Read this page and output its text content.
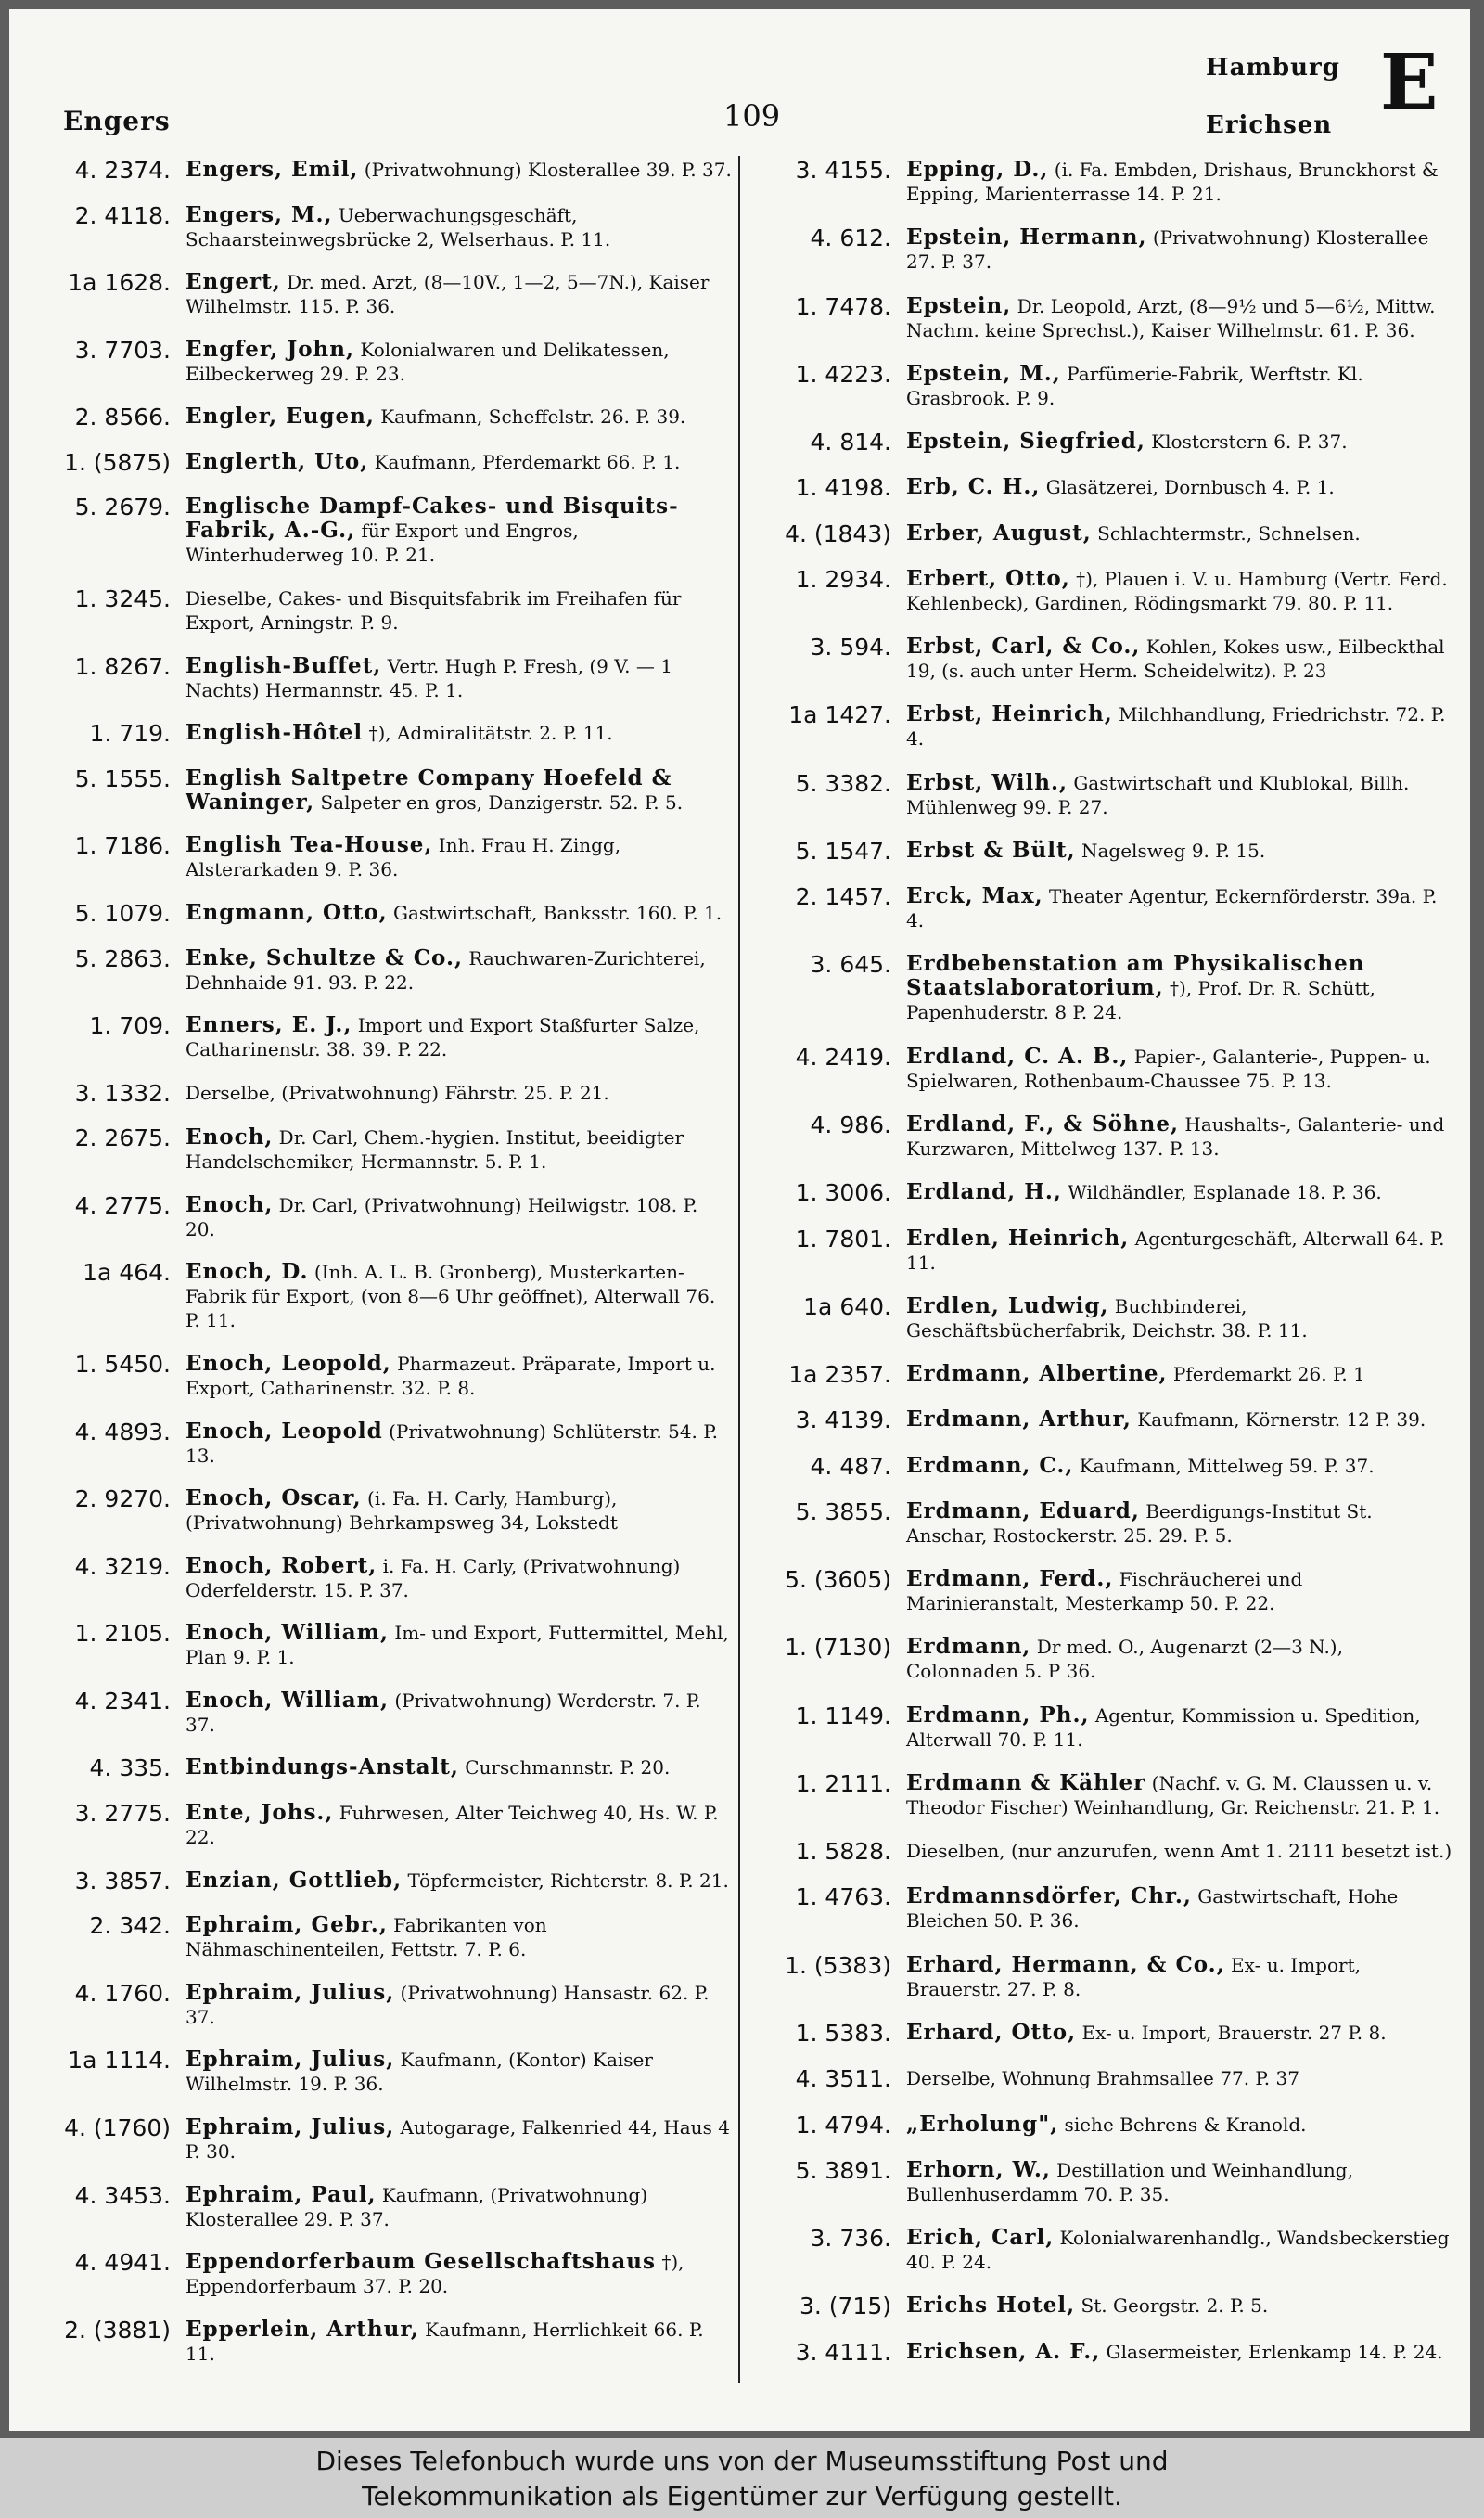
Engers	109
Hamburg
Erichsen E
4. 2374. Engers, Emil, (Privatwohnung) Klosterallee 39. P. 37.
2. 4118. Engers, M., Ueberwachungsgeschäft, Schaarsteinwegsbrücke 2, Welserhaus. P. 11.
1a 1628. Engert, Dr. med. Arzt, (8—10V., 1—2, 5—7N.), Kaiser Wilhelmstr. 115. P. 36.
3. 7703. Engfer, John, Kolonialwaren und Delikatessen, Eilbeckerweg 29. P. 23.
2. 8566. Engler, Eugen, Kaufmann, Scheffelstr. 26. P. 39.
1. (5875) Englerth, Uto, Kaufmann, Pferdemarkt 66. P. 1.
5. 2679. Englische Dampf-Cakes- und Bisquits-Fabrik, A.-G., für Export und Engros, Winterhuderweg 10. P. 21.
1. 3245. Dieselbe, Cakes- und Bisquitsfabrik im Freihafen für Export, Arningstr. P. 9.
1. 8267. English-Buffet, Vertr. Hugh P. Fresh, (9 V. — 1 Nachts) Hermannstr. 45. P. 1.
1. 719. English-Hôtel †), Admiralitätstr. 2. P. 11.
5. 1555. English Saltpetre Company Hoefeld & Waninger, Salpeter en gros, Danzigerstr. 52. P. 5.
1. 7186. English Tea-House, Inh. Frau H. Zingg, Alsterarkaden 9. P. 36.
5. 1079. Engmann, Otto, Gastwirtschaft, Banksstr. 160. P. 1.
5. 2863. Enke, Schultze & Co., Rauchwaren-Zurichterei, Dehnhaide 91. 93. P. 22.
1. 709. Enners, E. J., Import und Export Staßfurter Salze, Catharinenstr. 38. 39. P. 22.
3. 1332. Derselbe, (Privatwohnung) Fährstr. 25. P. 21.
2. 2675. Enoch, Dr. Carl, Chem.-hygien. Institut, beeidigter Handelschemiker, Hermannstr. 5. P. 1.
4. 2775. Enoch, Dr. Carl, (Privatwohnung) Heilwigstr. 108. P. 20.
1a 464. Enoch, D. (Inh. A. L. B. Gronberg), Musterkarten-Fabrik für Export, (von 8—6 Uhr geöffnet), Alterwall 76. P. 11.
1. 5450. Enoch, Leopold, Pharmazeut. Präparate, Import u. Export, Catharinenstr. 32. P. 8.
4. 4893. Enoch, Leopold (Privatwohnung) Schlüterstr. 54. P. 13.
2. 9270. Enoch, Oscar, (i. Fa. H. Carly, Hamburg), (Privatwohnung) Behrkampsweg 34, Lokstedt
4. 3219. Enoch, Robert, i. Fa. H. Carly, (Privatwohnung) Oderfelderstr. 15. P. 37.
1. 2105. Enoch, William, Im- und Export, Futtermittel, Mehl, Plan 9. P. 1.
4. 2341. Enoch, William, (Privatwohnung) Werderstr. 7. P. 37.
4. 335. Entbindungs-Anstalt, Curschmannstr. P. 20.
3. 2775. Ente, Johs., Fuhrwesen, Alter Teichweg 40, Hs. W. P. 22.
3. 3857. Enzian, Gottlieb, Töpfermeister, Richterstr. 8. P. 21.
2. 342. Ephraim, Gebr., Fabrikanten von Nähmaschinenteilen, Fettstr. 7. P. 6.
4. 1760. Ephraim, Julius, (Privatwohnung) Hansastr. 62. P. 37.
1a 1114. Ephraim, Julius, Kaufmann, (Kontor) Kaiser Wilhelmstr. 19. P. 36.
4. (1760) Ephraim, Julius, Autogarage, Falkenried 44, Haus 4 P. 30.
4. 3453. Ephraim, Paul, Kaufmann, (Privatwohnung) Klosterallee 29. P. 37.
4. 4941. Eppendorferbaum Gesellschaftshaus †), Eppendorferbaum 37. P. 20.
2. (3881) Epperlein, Arthur, Kaufmann, Herrlichkeit 66. P. 11.
3. 4155. Epping, D., (i. Fa. Embden, Drishaus, Brunckhorst & Epping, Marienterrasse 14. P. 21.
4. 612. Epstein, Hermann, (Privatwohnung) Klosterallee 27. P. 37.
1. 7478. Epstein, Dr. Leopold, Arzt, (8—9½ und 5—6½, Mittw. Nachm. keine Sprechst.), Kaiser Wilhelmstr. 61. P. 36.
1. 4223. Epstein, M., Parfümerie-Fabrik, Werftstr. Kl. Grasbrook. P. 9.
4. 814. Epstein, Siegfried, Klosterstern 6. P. 37.
1. 4198. Erb, C. H., Glasätzerei, Dornbusch 4. P. 1.
4. (1843) Erber, August, Schlachtermstr., Schnelsen.
1. 2934. Erbert, Otto, †), Plauen i. V. u. Hamburg (Vertr. Ferd. Kehlenbeck), Gardinen, Rödingsmarkt 79. 80. P. 11.
3. 594. Erbst, Carl, & Co., Kohlen, Kokes usw., Eilbeckthal 19, (s. auch unter Herm. Scheidelwitz). P. 23
1a 1427. Erbst, Heinrich, Milchhandlung, Friedrichstr. 72. P. 4.
5. 3382. Erbst, Wilh., Gastwirtschaft und Klublokal, Billh. Mühlenweg 99. P. 27.
5. 1547. Erbst & Bült, Nagelsweg 9. P. 15.
2. 1457. Erck, Max, Theater Agentur, Eckernförderstr. 39a. P. 4.
3. 645. Erdbebenstation am Physikalischen Staatslaboratorium, †), Prof. Dr. R. Schütt, Papenhuderstr. 8 P. 24.
4. 2419. Erdland, C. A. B., Papier-, Galanterie-, Puppen- u. Spielwaren, Rothenbaum-Chaussee 75. P. 13.
4. 986. Erdland, F., & Söhne, Haushalts-, Galanterie- und Kurzwaren, Mittelweg 137. P. 13.
1. 3006. Erdland, H., Wildhändler, Esplanade 18. P. 36.
1. 7801. Erdlen, Heinrich, Agenturgeschäft, Alterwall 64. P. 11.
1a 640. Erdlen, Ludwig, Buchbinderei, Geschäftsbücherfabrik, Deichstr. 38. P. 11.
1a 2357. Erdmann, Albertine, Pferdemarkt 26. P. 1
3. 4139. Erdmann, Arthur, Kaufmann, Körnerstr. 12 P. 39.
4. 487. Erdmann, C., Kaufmann, Mittelweg 59. P. 37.
5. 3855. Erdmann, Eduard, Beerdigungs-Institut St. Anschar, Rostockerstr. 25. 29. P. 5.
5. (3605) Erdmann, Ferd., Fischräucherei und Marinieranstalt, Mesterkamp 50. P. 22.
1. (7130) Erdmann, Dr med. O., Augenarzt (2—3 N.), Colonnaden 5. P 36.
1. 1149. Erdmann, Ph., Agentur, Kommission u. Spedition, Alterwall 70. P. 11.
1. 2111. Erdmann & Kähler (Nachf. v. G. M. Claussen u. v. Theodor Fischer) Weinhandlung, Gr. Reichenstr. 21. P. 1.
1. 5828. Dieselben, (nur anzurufen, wenn Amt 1. 2111 besetzt ist.)
1. 4763. Erdmannsdörfer, Chr., Gastwirtschaft, Hohe Bleichen 50. P. 36.
1. (5383) Erhard, Hermann, & Co., Ex- u. Import, Brauerstr. 27. P. 8.
1. 5383. Erhard, Otto, Ex- u. Import, Brauerstr. 27 P. 8.
4. 3511. Derselbe, Wohnung Brahmsallee 77. P. 37
1. 4794. „Erholung", siehe Behrens & Kranold.
5. 3891. Erhorn, W., Destillation und Weinhandlung, Bullenhuserdamm 70. P. 35.
3. 736. Erich, Carl, Kolonialwarenhandlg., Wandsbeckerstieg 40. P. 24.
3. (715) Erichs Hotel, St. Georgstr. 2. P. 5.
3. 4111. Erichsen, A. F., Glasermeister, Erlenkamp 14. P. 24.
Dieses Telefonbuch wurde uns von der Museumsstiftung Post und
Telekommunikation als Eigentümer zur Verfügung gestellt.
